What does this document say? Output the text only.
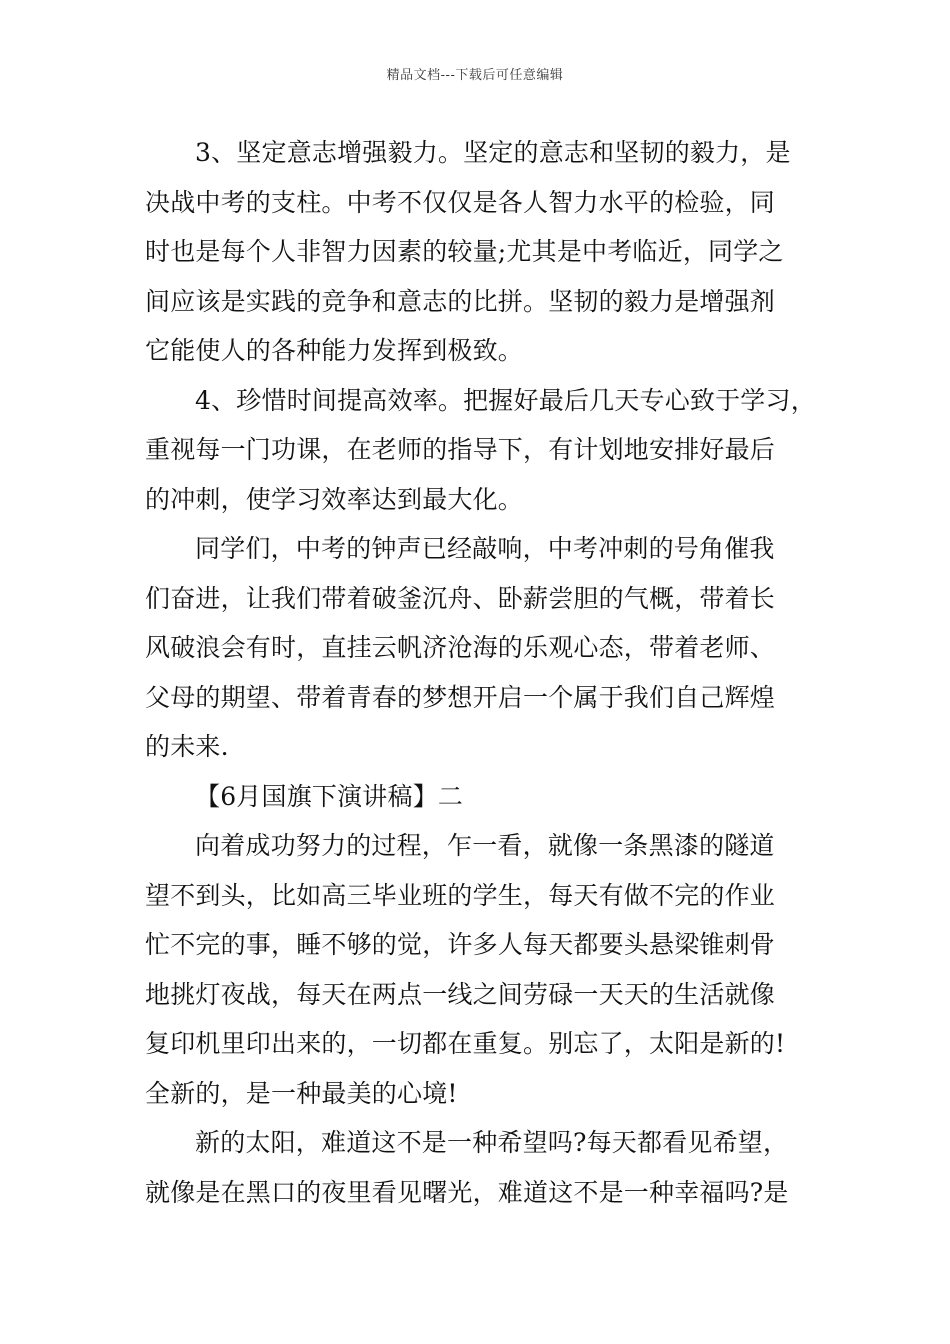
精品文档---下载后可任意编辑
3、坚定意志增强毅力。坚定的意志和坚韧的毅力，是
决战中考的支柱。中考不仅仅是各人智力水平的检验，同
时也是每个人非智力因素的较量;尤其是中考临近，同学之
间应该是实践的竞争和意志的比拼。坚韧的毅力是增强剂
它能使人的各种能力发挥到极致。
4、珍惜时间提高效率。把握好最后几天专心致于学习，
重视每一门功课，在老师的指导下，有计划地安排好最后
的冲刺，使学习效率达到最大化。
同学们，中考的钟声已经敲响，中考冲刺的号角催我
们奋进，让我们带着破釜沉舟、卧薪尝胆的气概，带着长
风破浪会有时，直挂云帆济沧海的乐观心态，带着老师、
父母的期望、带着青春的梦想开启一个属于我们自己辉煌
的未来.
【6月国旗下演讲稿】二
向着成功努力的过程，乍一看，就像一条黑漆的隧道
望不到头，比如高三毕业班的学生，每天有做不完的作业
忙不完的事，睡不够的觉，许多人每天都要头悬梁锥刺骨
地挑灯夜战，每天在两点一线之间劳碌一天天的生活就像
复印机里印出来的，一切都在重复。别忘了，太阳是新的!
全新的，是一种最美的心境!
新的太阳，难道这不是一种希望吗?每天都看见希望，
就像是在黑口的夜里看见曙光，难道这不是一种幸福吗?是
